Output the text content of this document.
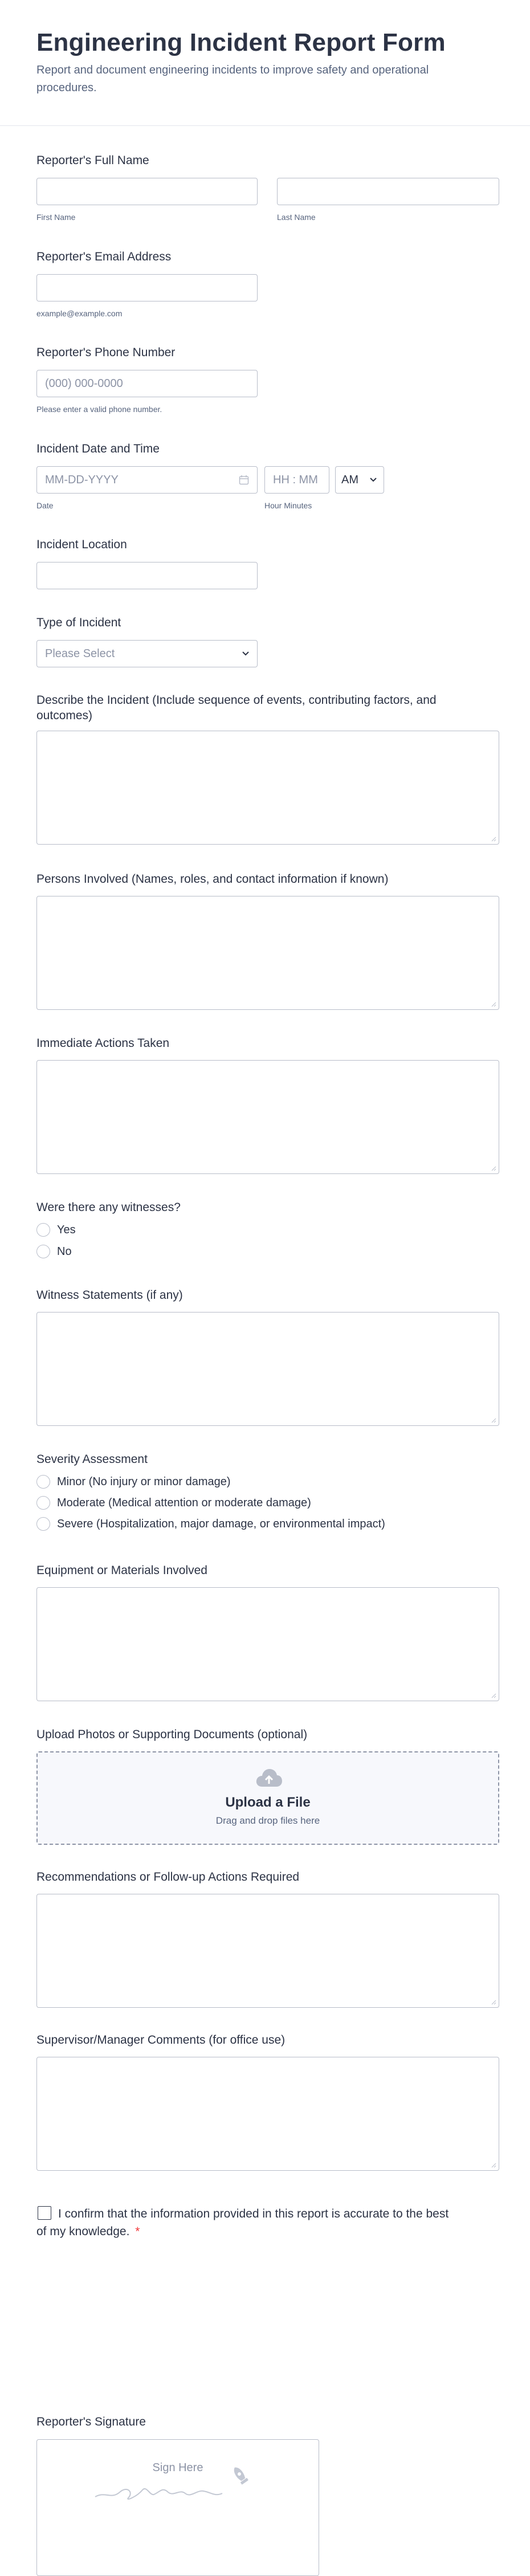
Engineering Incident Report Form
Report and document engineering incidents to improve safety and operational procedures.
Reporter's Full Name
First Name	Last Name
Reporter's Email Address
example@example.com
Reporter's Phone Number
(000) 000-0000
Please enter a valid phone number.
Incident Date and Time
MM-DD-YYYY
Date
HH : MM
Hour Minutes
AM
Incident Location
Type of Incident
Please Select
Describe the Incident (Include sequence of events, contributing factors, and outcomes)
Persons Involved (Names, roles, and contact information if known)
Immediate Actions Taken
Were there any witnesses?
Yes
No
Witness Statements (if any)
Severity Assessment
Minor (No injury or minor damage)
Moderate (Medical attention or moderate damage)
Severe (Hospitalization, major damage, or environmental impact)
Equipment or Materials Involved
Upload Photos or Supporting Documents (optional)
Upload a File
Drag and drop files here
Recommendations or Follow-up Actions Required
Supervisor/Manager Comments (for office use)
I confirm that the information provided in this report is accurate to the best of my knowledge. *
Reporter's Signature
Sign Here
